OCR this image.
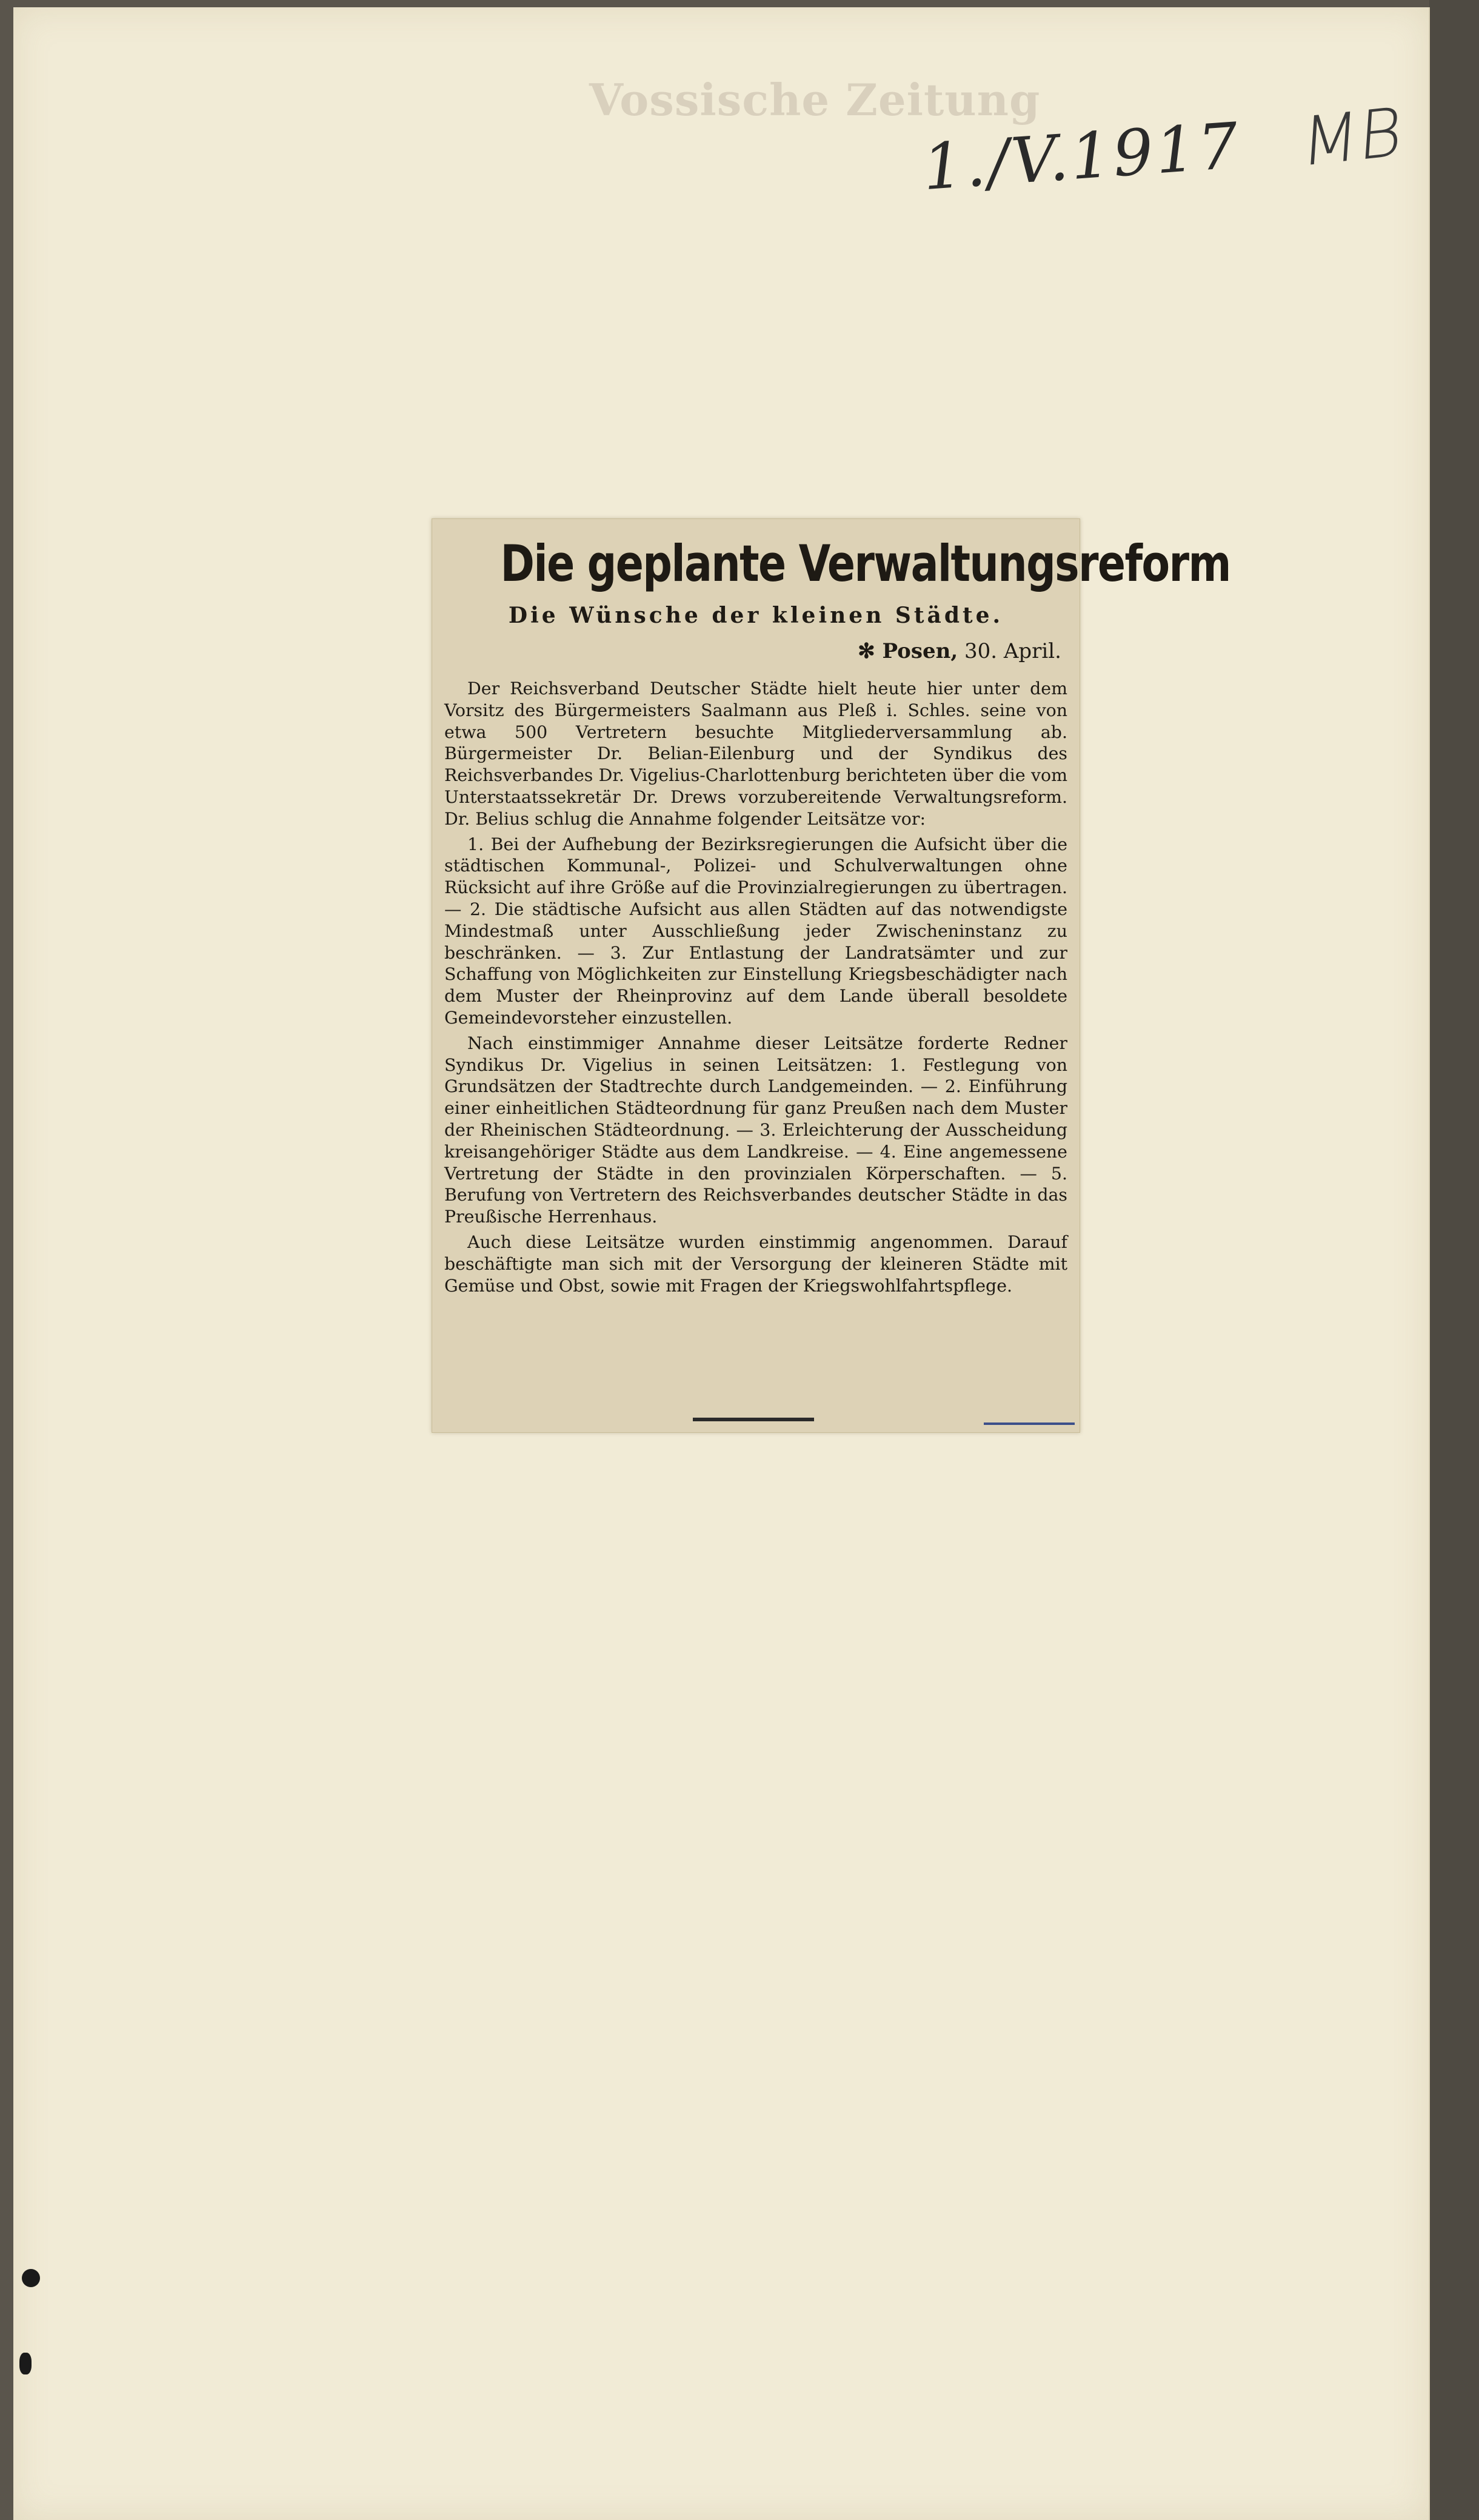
Vossische Zeitung
1./V.1917 MB
Die geplante Verwaltungsreform
Die Wünsche der kleinen Städte.
✻ Posen, 30. April.

Der Reichsverband Deutscher Städte hielt heute hier unter dem Vorsitz des Bürgermeisters Saalmann aus Pleß i. Schles. seine von etwa 500 Vertretern besuchte Mitgliederversammlung ab. Bürgermeister Dr. Belian-Eilenburg und der Syndikus des Reichsverbandes Dr. Vigelius-Charlottenburg berichteten über die vom Unterstaatssekretär Dr. Drews vorzubereitende Verwaltungsreform. Dr. Belius schlug die Annahme folgender Leitsätze vor:

1. Bei der Aufhebung der Bezirksregierungen die Aufsicht über die städtischen Kommunal-, Polizei- und Schulverwaltungen ohne Rücksicht auf ihre Größe auf die Provinzialregierungen zu übertragen. — 2. Die städtische Aufsicht aus allen Städten auf das notwendigste Mindestmaß unter Ausschließung jeder Zwischeninstanz zu beschränken. — 3. Zur Entlastung der Landratsämter und zur Schaffung von Möglichkeiten zur Einstellung Kriegsbeschädigter nach dem Muster der Rheinprovinz auf dem Lande überall besoldete Gemeindevorsteher einzustellen.

Nach einstimmiger Annahme dieser Leitsätze forderte Redner Syndikus Dr. Vigelius in seinen Leitsätzen: 1. Festlegung von Grundsätzen der Stadtrechte durch Landgemeinden. — 2. Einführung einer einheitlichen Städteordnung für ganz Preußen nach dem Muster der Rheinischen Städteordnung. — 3. Erleichterung der Ausscheidung kreisangehöriger Städte aus dem Landkreise. — 4. Eine angemessene Vertretung der Städte in den provinzialen Körperschaften. — 5. Berufung von Vertretern des Reichsverbandes deutscher Städte in das Preußische Herrenhaus.

Auch diese Leitsätze wurden einstimmig angenommen. Darauf beschäftigte man sich mit der Versorgung der kleineren Städte mit Gemüse und Obst, sowie mit Fragen der Kriegswohlfahrtspflege.
